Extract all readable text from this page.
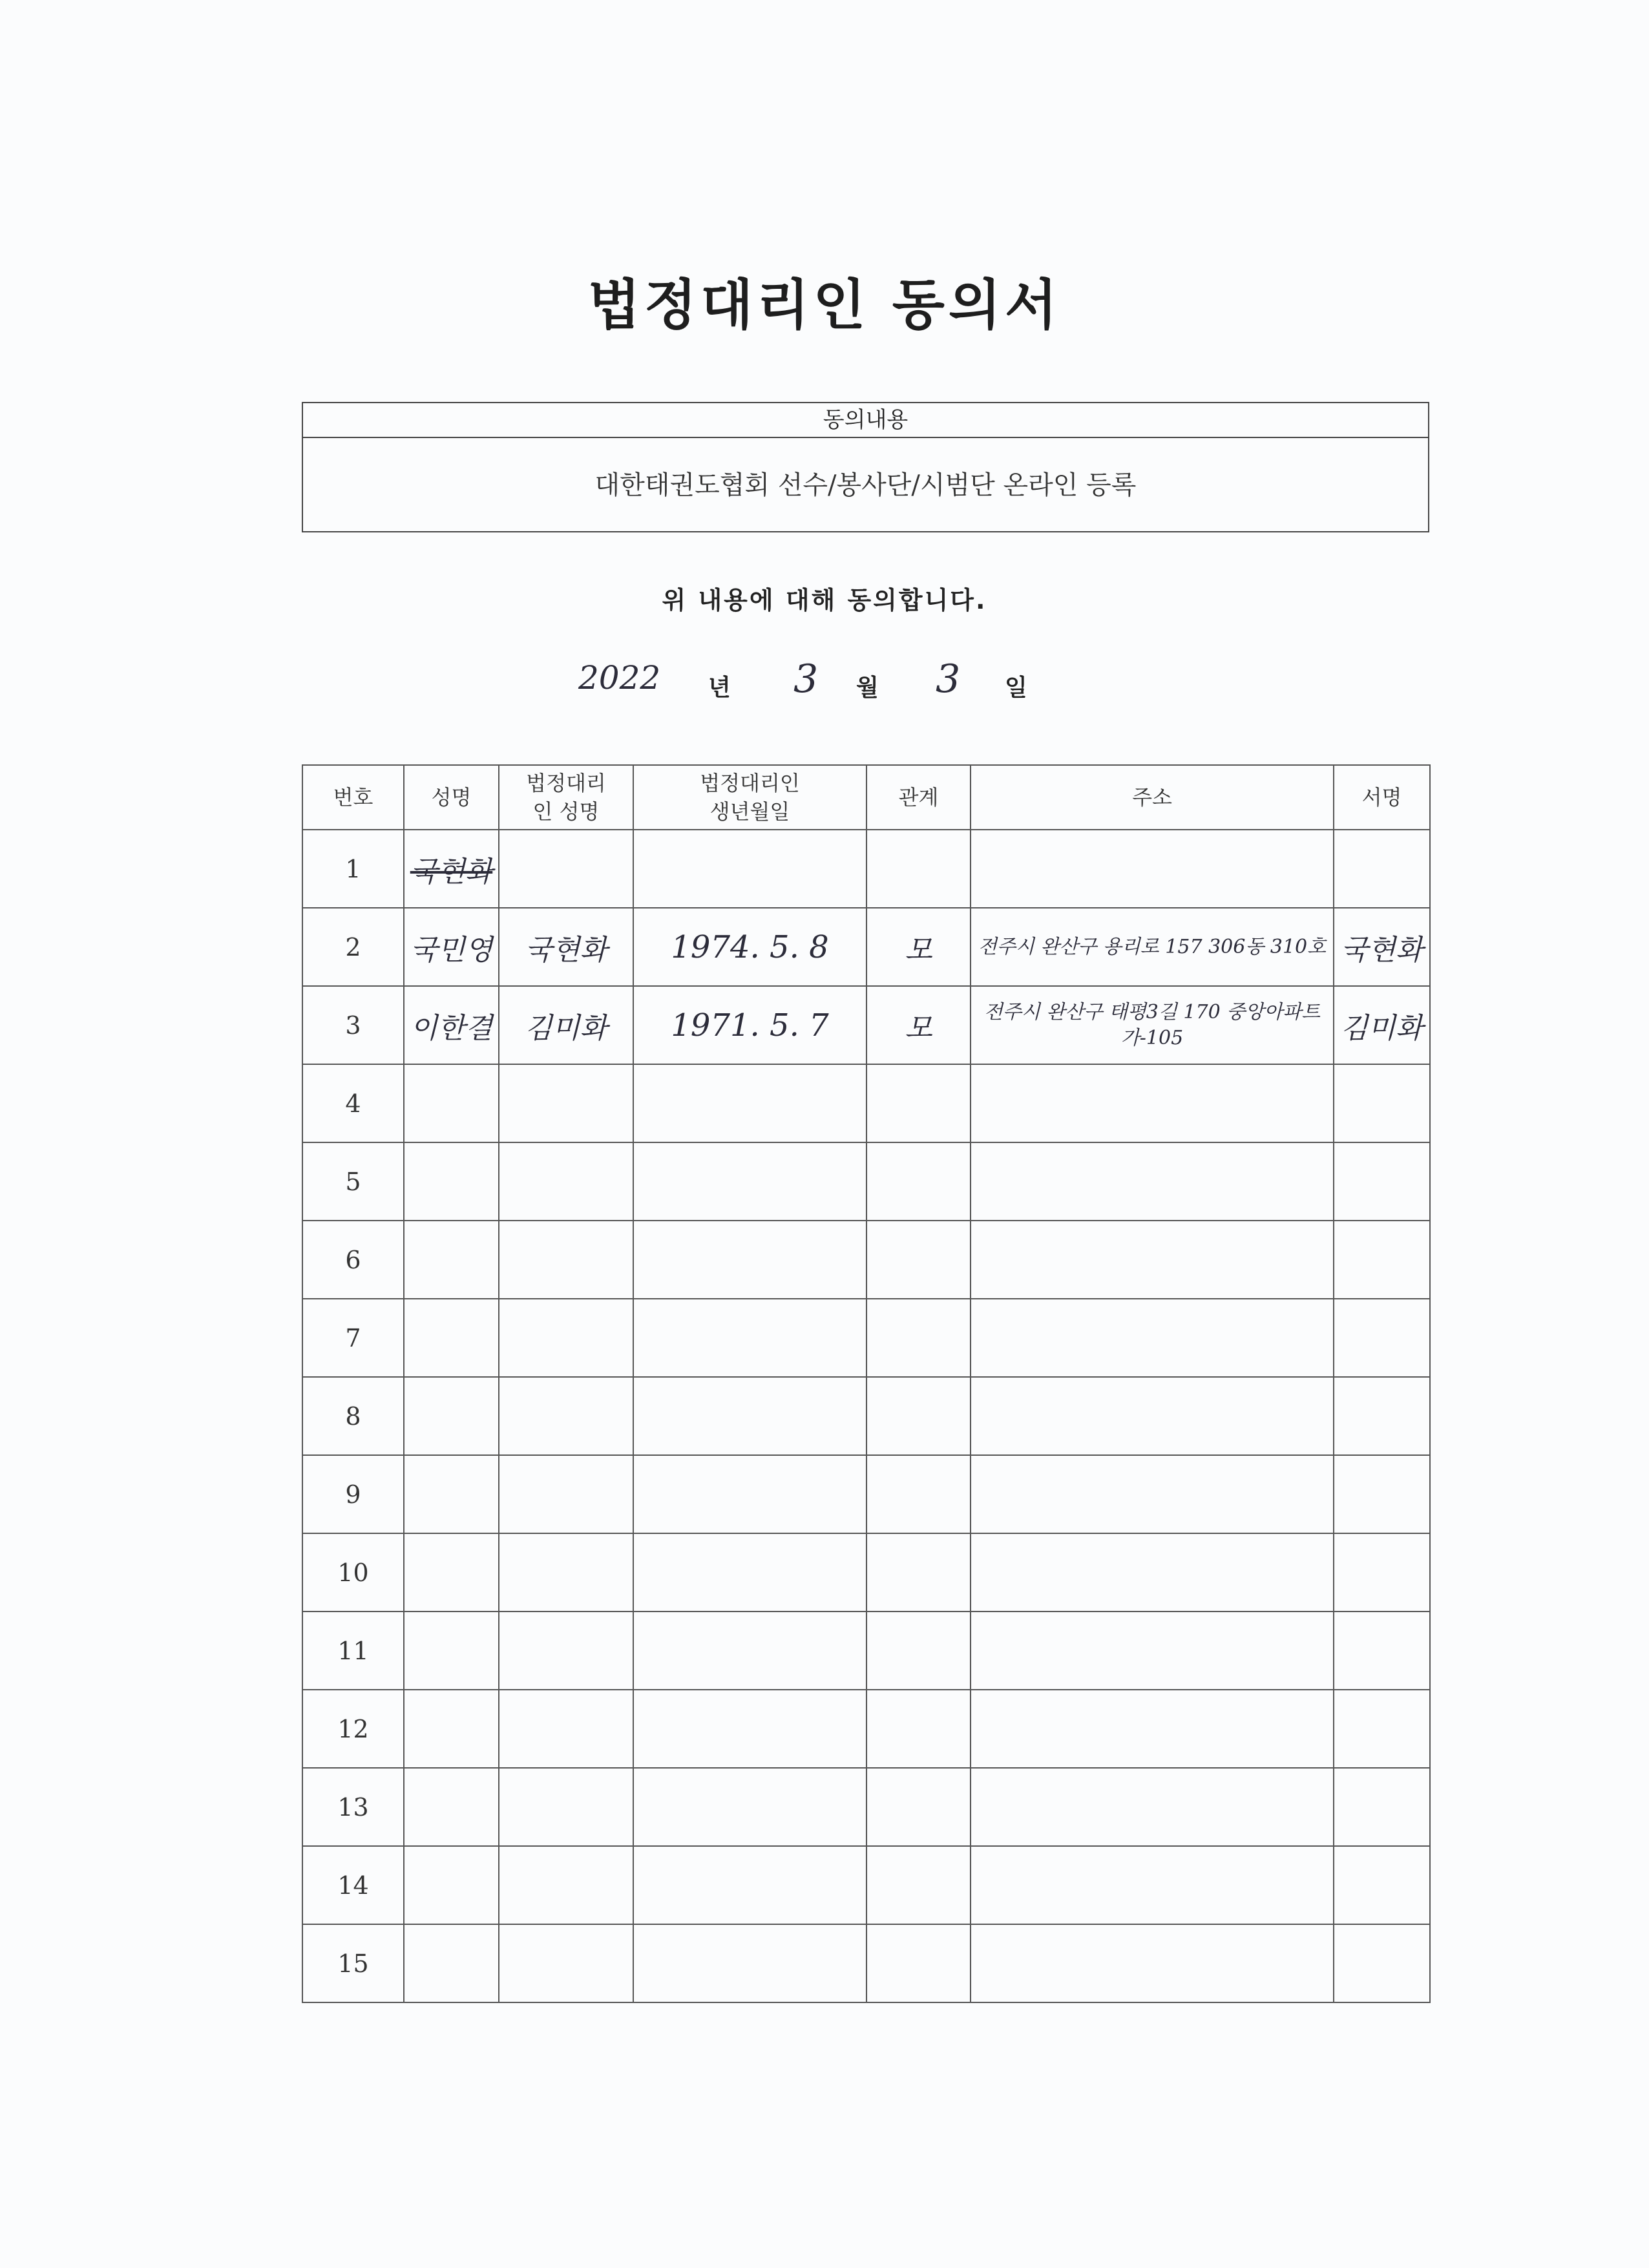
법정대리인 동의서
동의내용
대한태권도협회 선수/봉사단/시범단 온라인 등록
위 내용에 대해 동의합니다.
2022 년 3 월 3 일
번호	성명	법정대리인 성명	법정대리인 생년월일	관계	주소	서명
1	국현화					
2	국민영	국현화	1974. 5. 8	모	전주시 완산구 용리로 157 306동 310호	국현화
3	이한결	김미화	1971. 5. 7	모	전주시 완산구 태평3길 170 중앙아파트 가-105	김미화
4						
5						
6						
7						
8						
9						
10						
11						
12						
13						
14						
15						
